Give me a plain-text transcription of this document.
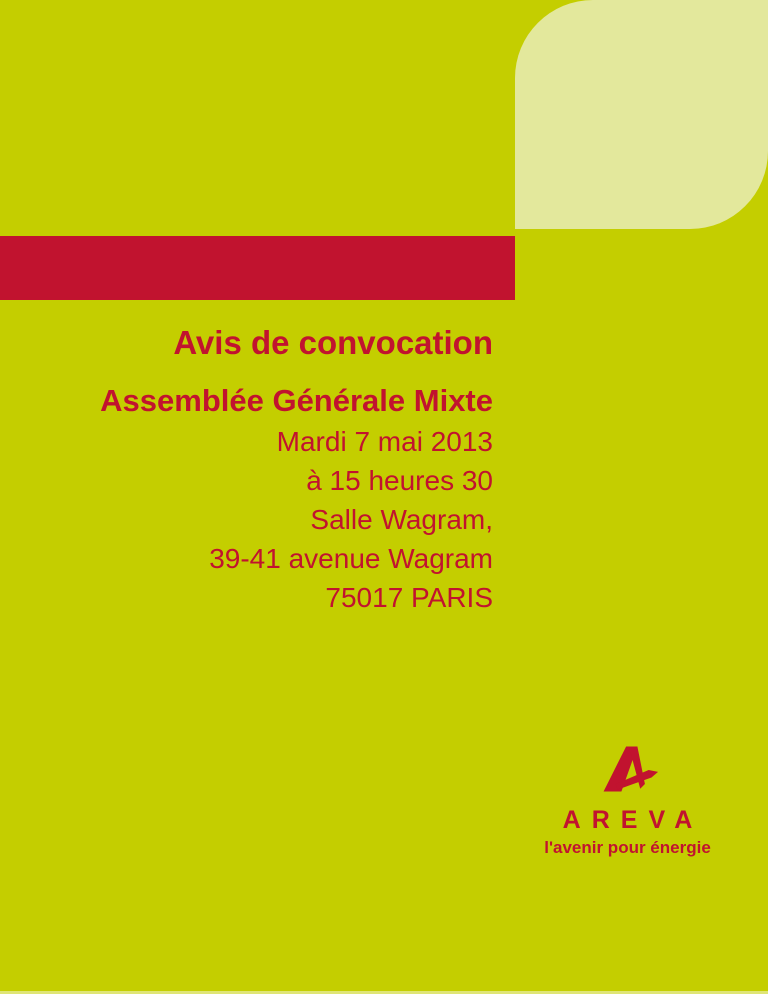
Avis de convocation
Assemblée Générale Mixte
Mardi 7 mai 2013
à 15 heures 30
Salle Wagram,
39-41 avenue Wagram
75017 PARIS
AREVA
l'avenir pour énergie
